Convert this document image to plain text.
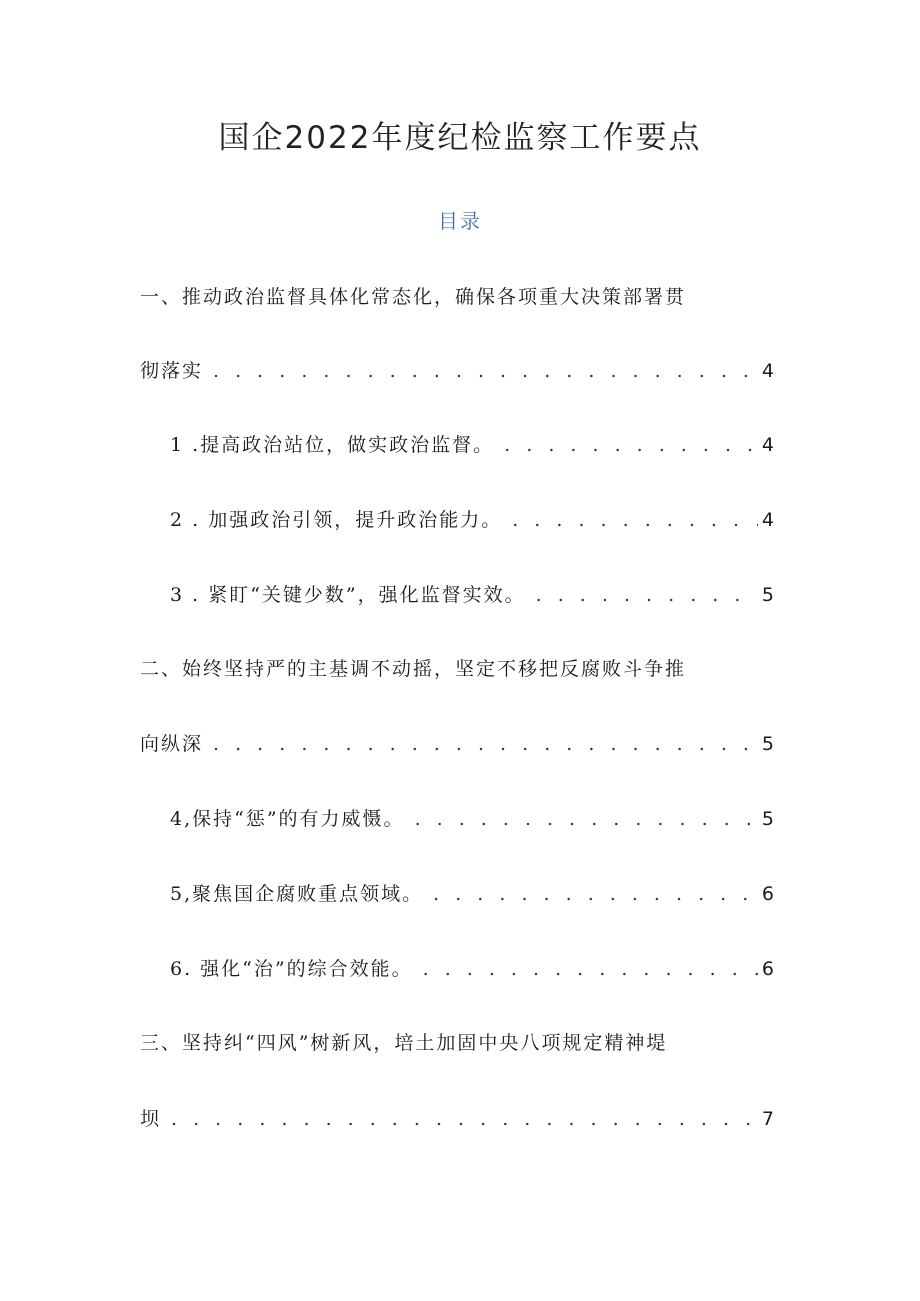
国企2022年度纪检监察工作要点
目录
一、推动政治监督具体化常态化，确保各项重大决策部署贯
彻落实 . . .	4
1 .提高政治站位，做实政治监督。 . . .	4
2 . 加强政治引领，提升政治能力。 . . .	4
3 . 紧盯“关键少数”，强化监督实效。 . . .	5
二、始终坚持严的主基调不动摇，坚定不移把反腐败斗争推
向纵深 . . .	5
4,保持“惩”的有力威慑。 . . .	5
5,聚焦国企腐败重点领域。 . . .	6
6. 强化“治”的综合效能。 . . .	6
三、坚持纠“四风”树新风，培土加固中央八项规定精神堤
坝 . . .	7
